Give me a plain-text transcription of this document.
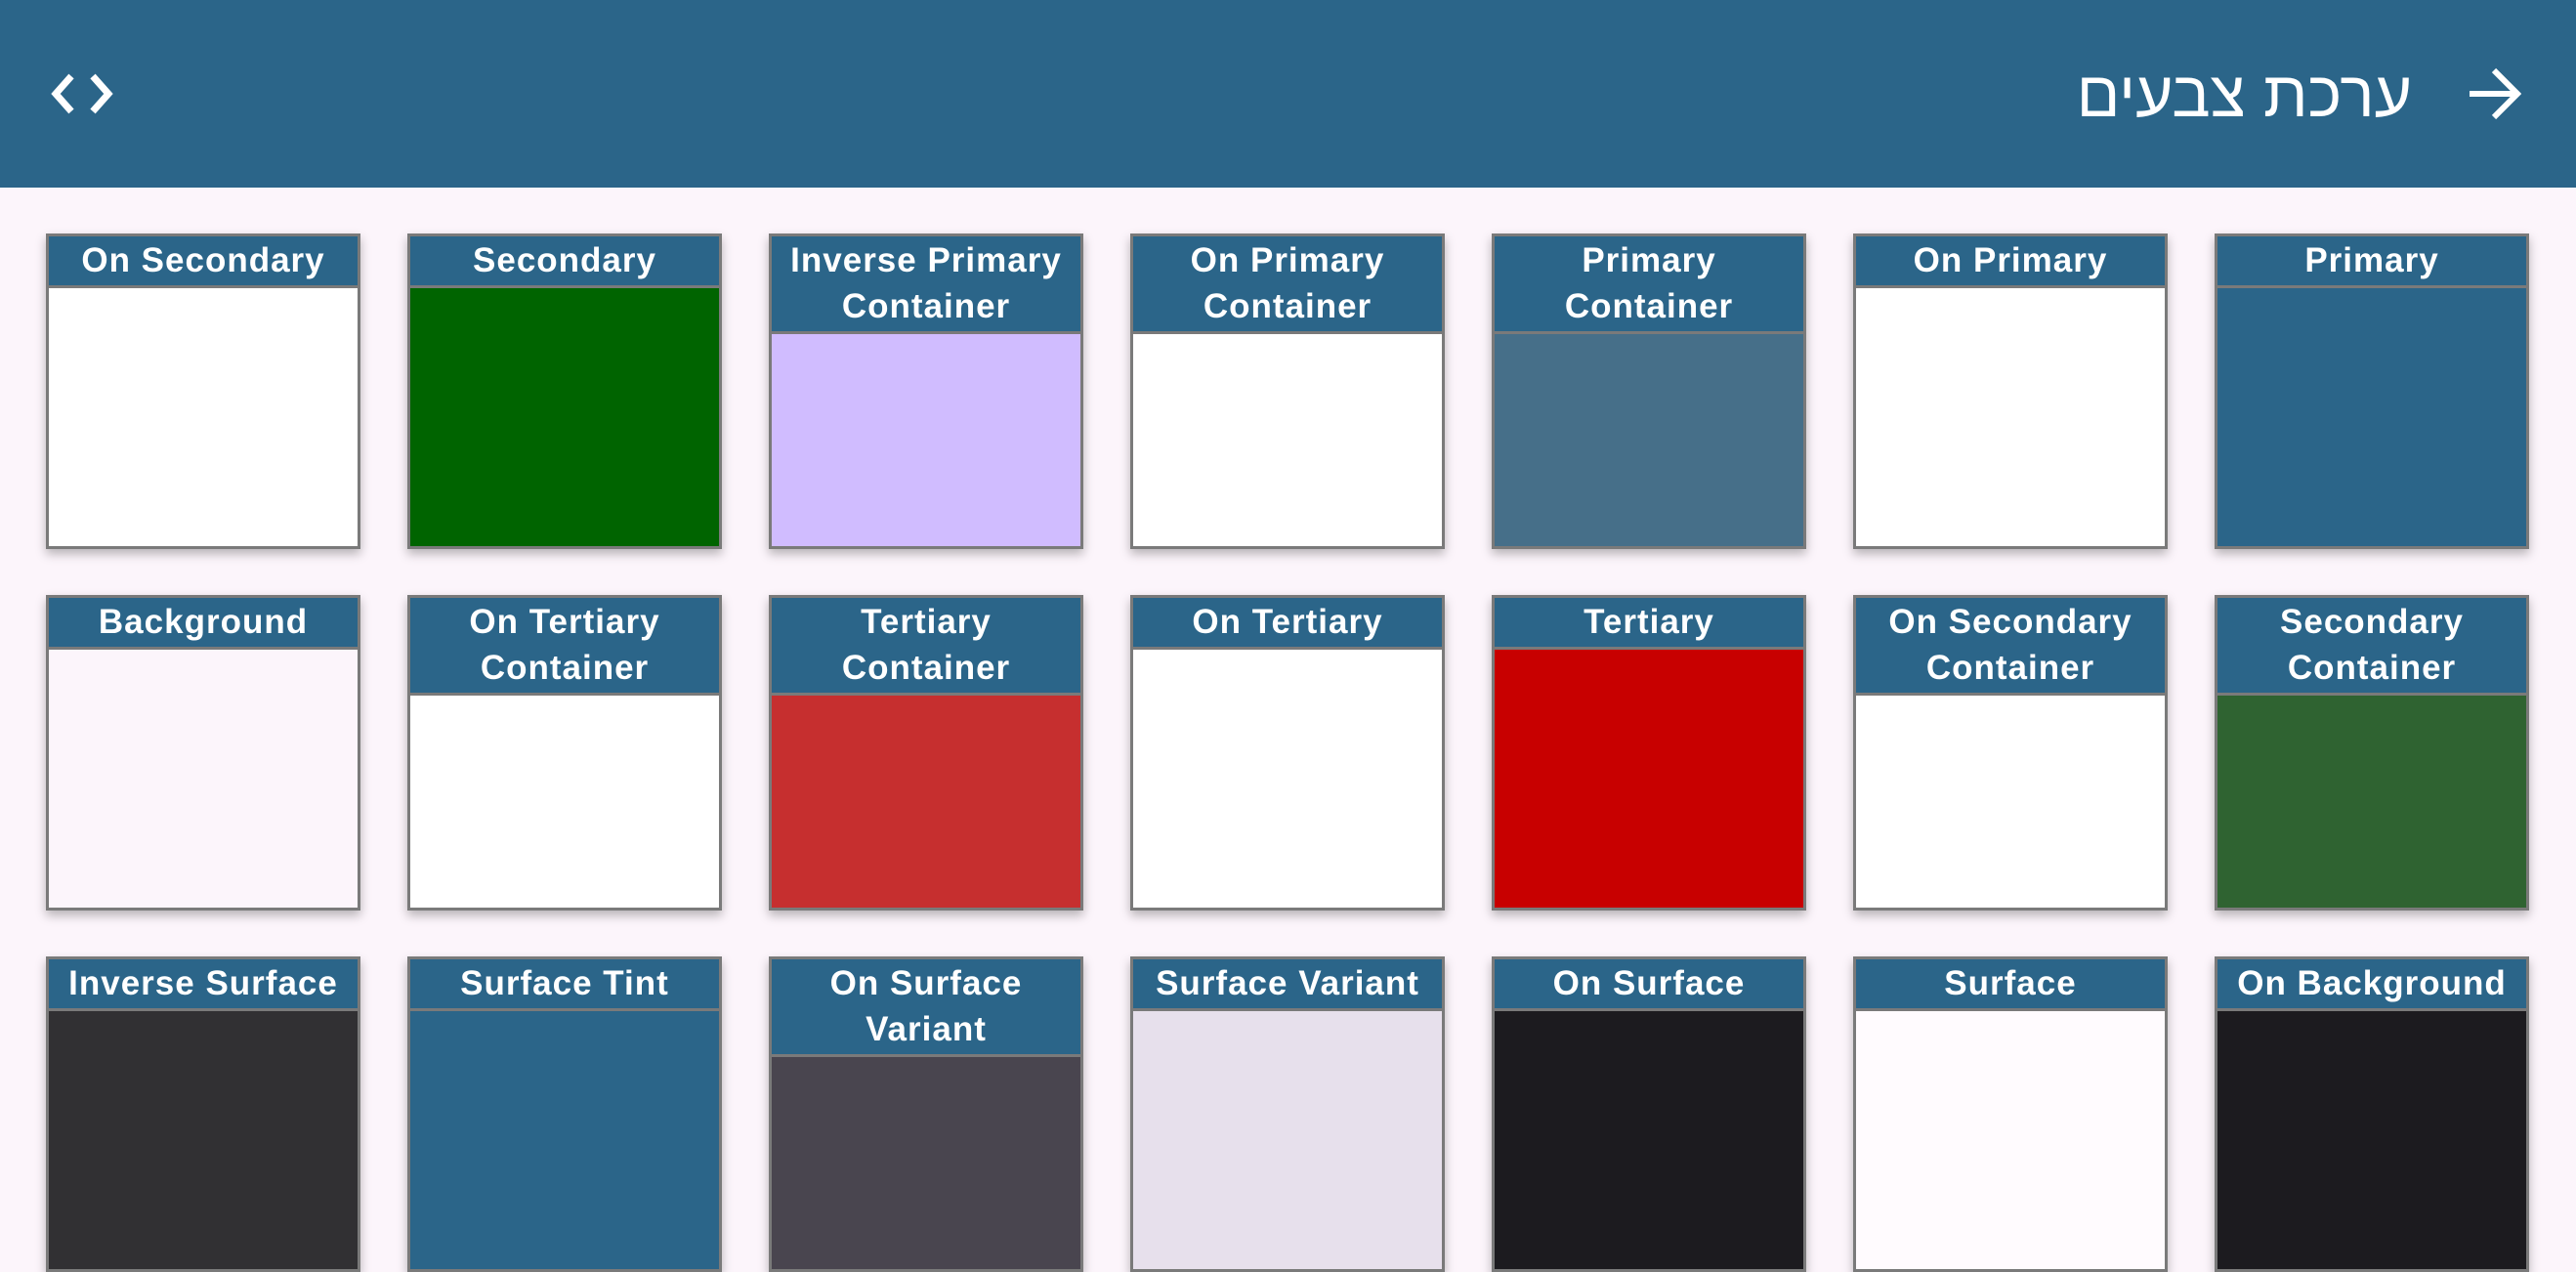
ערכת צבעים
Primary
On Primary
Primary Container
On Primary Container
Inverse Primary Container
Secondary
On Secondary
Secondary Container
On Secondary Container
Tertiary
On Tertiary
Tertiary Container
On Tertiary Container
Background
On Background
Surface
On Surface
Surface Variant
On Surface Variant
Surface Tint
Inverse Surface
